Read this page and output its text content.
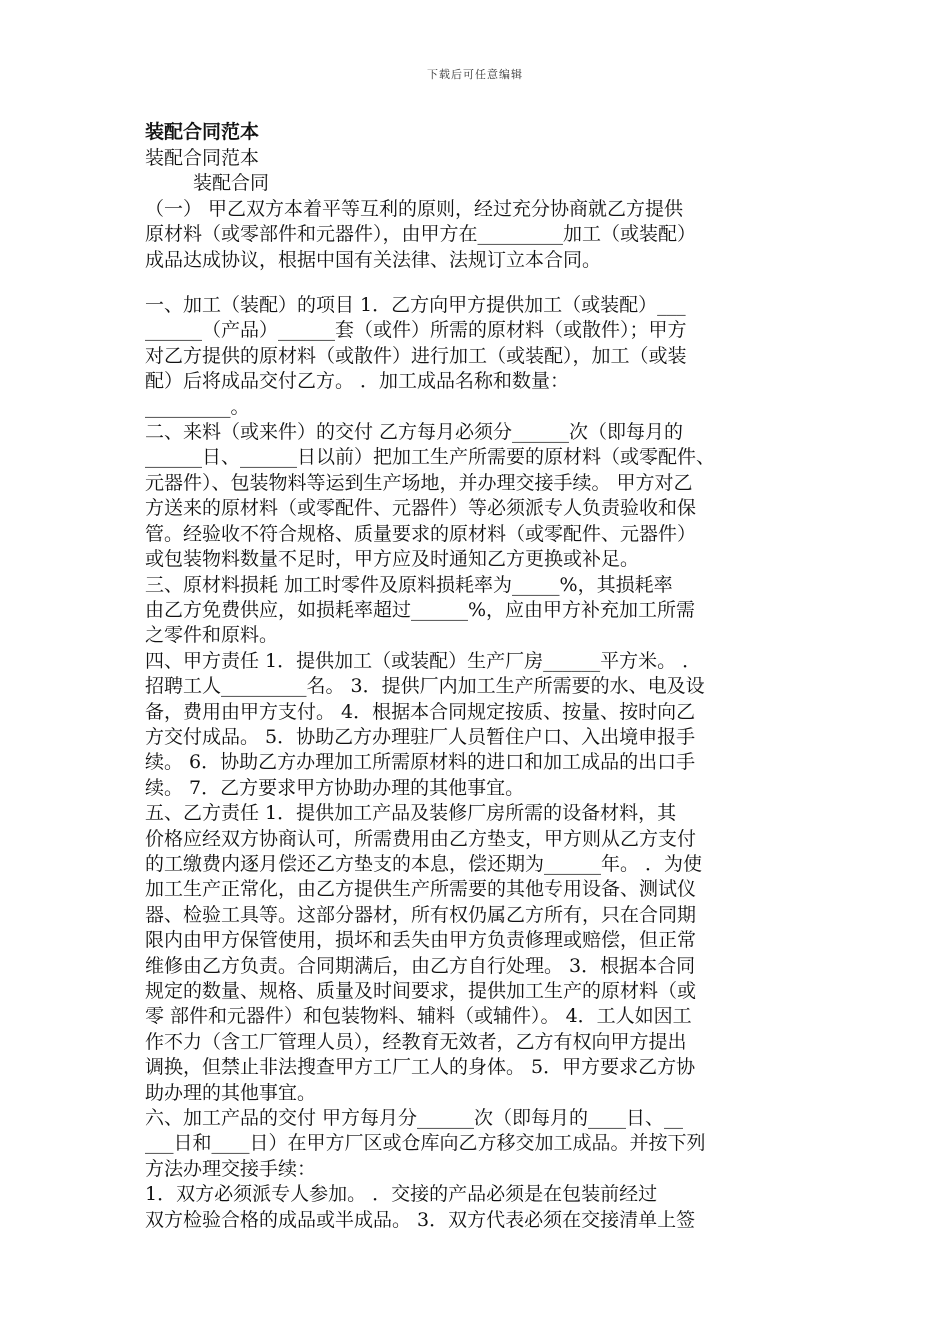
下载后可任意编辑
装配合同范本
装配合同范本
装配合同
（一） 甲乙双方本着平等互利的原则，经过充分协商就乙方提供
原材料（或零部件和元器件），由甲方在_________加工（或装配）
成品达成协议，根据中国有关法律、法规订立本合同。
一、加工（装配）的项目 1．乙方向甲方提供加工（或装配）___
______（产品）______套（或件）所需的原材料（或散件）；甲方
对乙方提供的原材料（或散件）进行加工（或装配），加工（或装
配）后将成品交付乙方。 ．加工成品名称和数量：
_________。
二、来料（或来件）的交付 乙方每月必须分______次（即每月的
______日、______日以前）把加工生产所需要的原材料（或零配件、
元器件）、包装物料等运到生产场地，并办理交接手续。 甲方对乙
方送来的原材料（或零配件、元器件）等必须派专人负责验收和保
管。经验收不符合规格、质量要求的原材料（或零配件、元器件）
或包装物料数量不足时，甲方应及时通知乙方更换或补足。
三、原材料损耗 加工时零件及原料损耗率为_____%，其损耗率
由乙方免费供应，如损耗率超过______%，应由甲方补充加工所需
之零件和原料。
四、甲方责任 1．提供加工（或装配）生产厂房______平方米。 ．
招聘工人_________名。 3．提供厂内加工生产所需要的水、电及设
备，费用由甲方支付。 4．根据本合同规定按质、按量、按时向乙
方交付成品。 5．协助乙方办理驻厂人员暂住户口、入出境申报手
续。 6．协助乙方办理加工所需原材料的进口和加工成品的出口手
续。 7．乙方要求甲方协助办理的其他事宜。
五、乙方责任 1．提供加工产品及装修厂房所需的设备材料，其
价格应经双方协商认可，所需费用由乙方垫支，甲方则从乙方支付
的工缴费内逐月偿还乙方垫支的本息，偿还期为______年。 ．为使
加工生产正常化，由乙方提供生产所需要的其他专用设备、测试仪
器、检验工具等。这部分器材，所有权仍属乙方所有，只在合同期
限内由甲方保管使用，损坏和丢失由甲方负责修理或赔偿，但正常
维修由乙方负责。合同期满后，由乙方自行处理。 3．根据本合同
规定的数量、规格、质量及时间要求，提供加工生产的原材料（或
零 部件和元器件）和包装物料、辅料（或辅件）。 4．工人如因工
作不力（含工厂管理人员），经教育无效者，乙方有权向甲方提出
调换，但禁止非法搜查甲方工厂工人的身体。 5．甲方要求乙方协
助办理的其他事宜。
六、加工产品的交付 甲方每月分______次（即每月的____日、__
___日和____日）在甲方厂区或仓库向乙方移交加工成品。并按下列
方法办理交接手续：
1．双方必须派专人参加。 ．交接的产品必须是在包装前经过
双方检验合格的成品或半成品。 3．双方代表必须在交接清单上签
